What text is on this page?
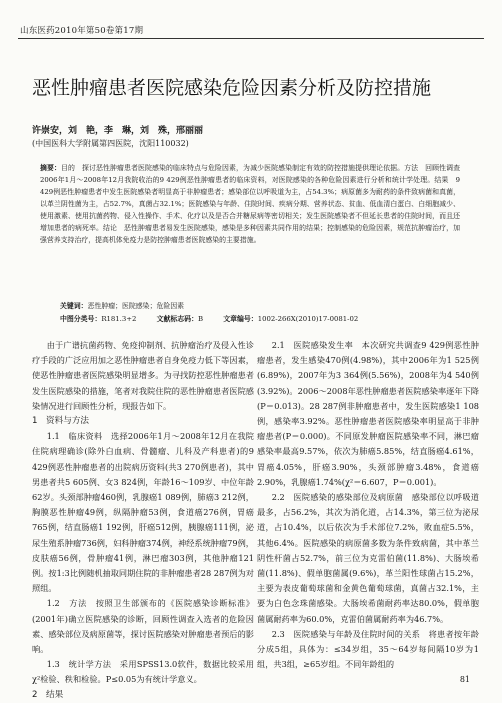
山东医药2010年第50卷第17期
恶性肿瘤患者医院感染危险因素分析及防控措施
许崇安，刘　艳，李　琳，刘　殊，邢丽丽
(中国医科大学附属第四医院，沈阳110032)
摘要：目的　探讨恶性肿瘤患者医院感染的临床特点与危险因素，为减少医院感染制定有效的防控措施提供理论依据。方法　回顾性调查2006年1月～2008年12月我院收治的9 429例恶性肿瘤患者的临床资料，对医院感染的各种危险因素进行分析和统计学处理。结果　9 429例恶性肿瘤患者中发生医院感染者明显高于非肿瘤患者；感染部位以呼吸道为主，占54.3%；病原菌多为耐药的条件致病菌和真菌，以革兰阴性菌为主，占52.7%，真菌占32.1%；医院感染与年龄、住院时间、疾病分期、营养状态、贫血、低血清白蛋白、白细胞减少、使用激素、使用抗菌药物、侵入性操作、手术、化疗以及是否合并糖尿病等密切相关；发生医院感染者不但延长患者的住院时间，而且还增加患者的病死率。结论　恶性肿瘤患者易发生医院感染，感染是多种因素共同作用的结果；控制感染的危险因素，规范抗肿瘤治疗，加强营养支持治疗，提高机体免疫力是防控肿瘤患者医院感染的主要措施。
关键词：恶性肿瘤；医院感染；危险因素
中图分类号：R181.3+2	文献标志码：B	文章编号：1002-266X(2010)17-0081-02

由于广谱抗菌药物、免疫抑制剂、抗肿瘤治疗及侵入性诊疗手段的广泛应用加之恶性肿瘤患者自身免疫力低下等因素，使恶性肿瘤患者医院感染明显增多。为寻找防控恶性肿瘤患者发生医院感染的措施，笔者对我院住院的恶性肿瘤患者医院感染情况进行回顾性分析，现报告如下。

1　资料与方法

1.1　临床资料　选择2006年1月～2008年12月在我院住院病理确诊(除外白血病、骨髓瘤、儿科及产科患者)的9 429例恶性肿瘤患者的出院病历资料(共3 270例患者)，其中男患者共5 605例、女3 824例，年龄16～109岁、中位年龄62岁。头颈部肿瘤460例，乳腺癌1 089例，肺癌3 212例，胸膜恶性肿瘤49例，纵隔肿瘤53例，食道癌276例，胃癌765例，结直肠癌1 192例，肝癌512例，胰腺癌111例，泌尿生殖系肿瘤736例，妇科肿瘤374例，神经系统肿瘤79例，皮肤癌56例，骨肿瘤41例，淋巴瘤303例，其他肿瘤121例。按1:3比例随机抽取同期住院的非肿瘤患者28 287例为对照组。

1.2　方法　按照卫生部颁布的《医院感染诊断标准》(2001年)确立医院感染的诊断，回顾性调查入选者的危险因素、感染部位及病原菌等，探讨医院感染对肿瘤患者预后的影响。

1.3　统计学方法　采用SPSS13.0软件，数据比较采用χ²检验、秩和检验。P≤0.05为有统计学意义。

2　结果

2.1　医院感染发生率　本次研究共调查9 429例恶性肿瘤患者，发生感染470例(4.98%)，其中2006年为1 525例(6.89%)，2007年为3 364例(5.56%)，2008年为4 540例(3.92%)。2006～2008年恶性肿瘤患者医院感染率逐年下降(P＝0.013)。28 287例非肿瘤患者中，发生医院感染1 108例，感染率3.92%。恶性肿瘤患者医院感染率明显高于非肿瘤患者(P＝0.000)。不同原发肿瘤医院感染率不同，淋巴瘤感染率最高9.57%，依次为肺癌5.85%，结直肠癌4.61%，胃癌4.05%，肝癌3.90%，头颈部肿瘤3.48%，食道癌2.90%，乳腺癌1.74%(χ²＝6.607，P＝0.001)。

2.2　医院感染的感染部位及病原菌　感染部位以呼吸道最多，占56.2%，其次为消化道，占14.3%，第三位为泌尿道，占10.4%，以后依次为手术部位7.2%，败血症5.5%，其他6.4%。医院感染的病原菌多数为条件致病菌，其中革兰阴性杆菌占52.7%，前三位为克雷伯菌(11.8%)、大肠埃希菌(11.8%)、假单胞菌属(9.6%)，革兰阳性球菌占15.2%，主要为表皮葡萄球菌和金黄色葡萄球菌，真菌占32.1%，主要为白色念珠菌感染。大肠埃希菌耐药率达80.0%，假单胞菌属耐药率为60.0%，克雷伯菌属耐药率为46.7%。

2.3　医院感染与年龄及住院时间的关系　将患者按年龄分成5组，具体为：≤34岁组，35～64岁每间隔10岁为1组，共3组，≥65岁组。不同年龄组的

81
